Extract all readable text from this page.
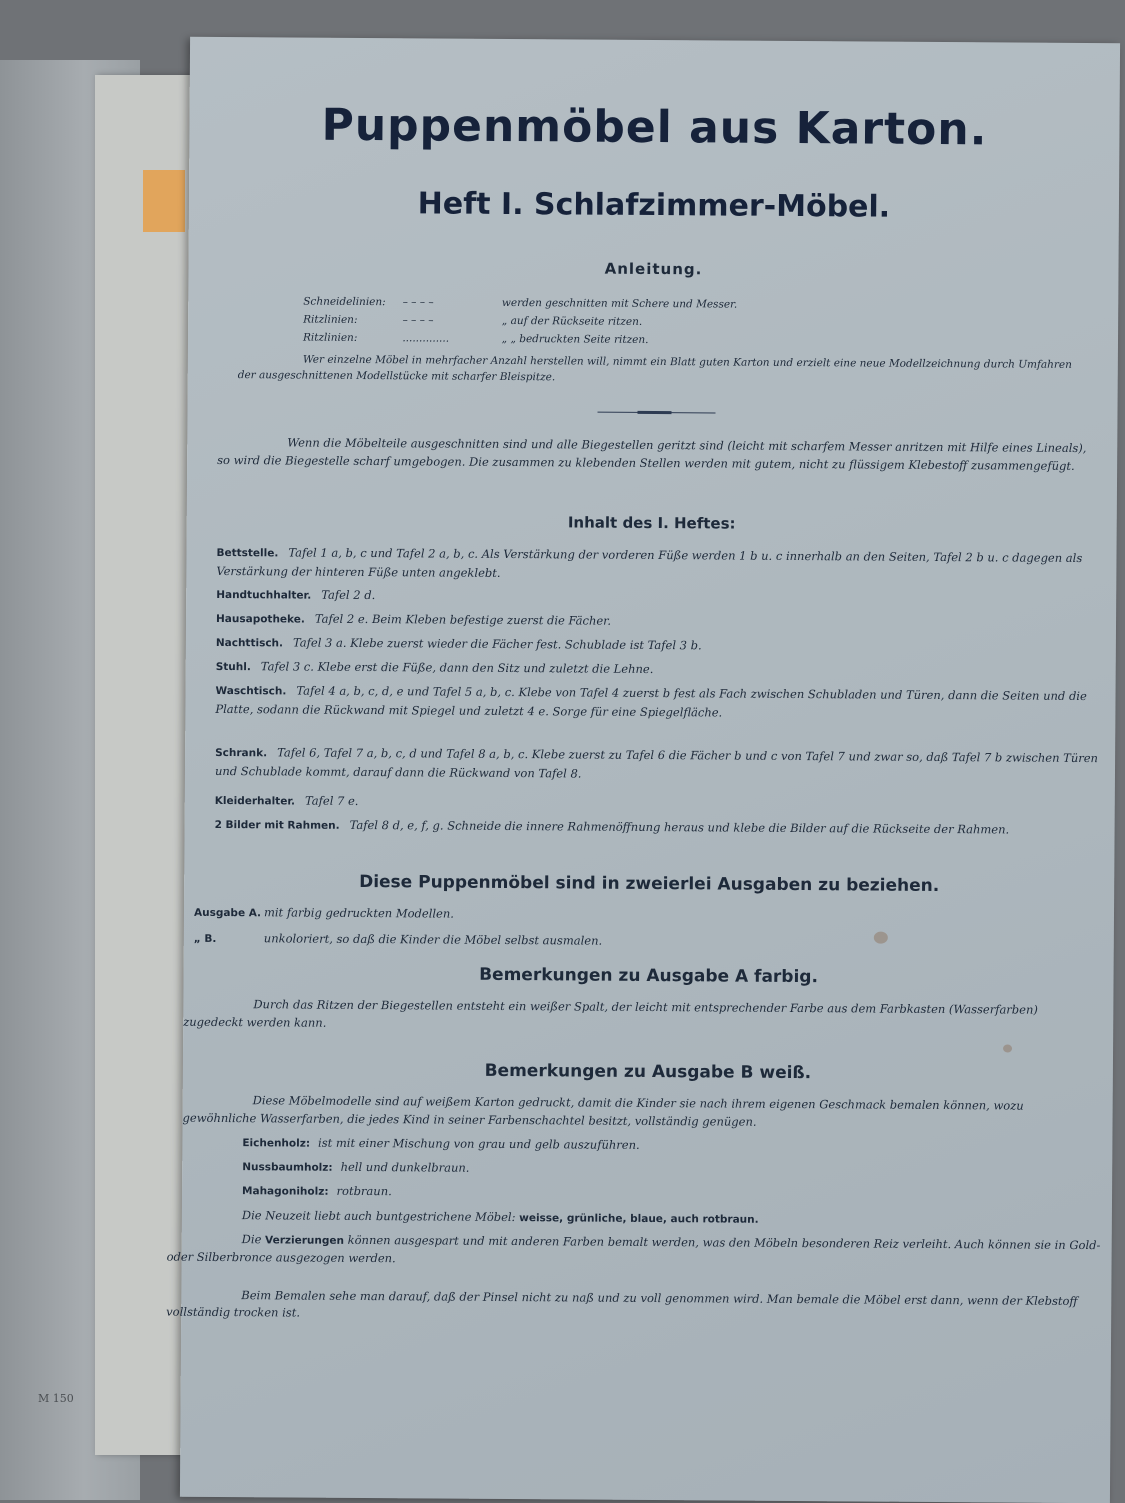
M 150
Puppenmöbel aus Karton.
Heft I. Schlafzimmer-Möbel.
Anleitung.
Schneidelinien: – – – –	werden geschnitten mit Schere und Messer.
Ritzlinien:	– – – –	„ auf der Rückseite ritzen.
Ritzlinien:	..............	„ „ bedruckten Seite ritzen.
Wer einzelne Möbel in mehrfacher Anzahl herstellen will, nimmt ein Blatt guten Karton und erzielt eine neue Modellzeichnung durch Umfahren der ausgeschnittenen Modellstücke mit scharfer Bleispitze.
Wenn die Möbelteile ausgeschnitten sind und alle Biegestellen geritzt sind (leicht mit scharfem Messer anritzen mit Hilfe eines Lineals), so wird die Biegestelle scharf umgebogen. Die zusammen zu klebenden Stellen werden mit gutem, nicht zu flüssigem Klebestoff zusammengefügt.
Inhalt des I. Heftes:
Bettstelle. Tafel 1 a, b, c und Tafel 2 a, b, c. Als Verstärkung der vorderen Füße werden 1 b u. c innerhalb an den Seiten, Tafel 2 b u. c dagegen als Verstärkung der hinteren Füße unten angeklebt.
Handtuchhalter. Tafel 2 d.
Hausapotheke. Tafel 2 e. Beim Kleben befestige zuerst die Fächer.
Nachttisch. Tafel 3 a. Klebe zuerst wieder die Fächer fest. Schublade ist Tafel 3 b.
Stuhl. Tafel 3 c. Klebe erst die Füße, dann den Sitz und zuletzt die Lehne.
Waschtisch. Tafel 4 a, b, c, d, e und Tafel 5 a, b, c. Klebe von Tafel 4 zuerst b fest als Fach zwischen Schubladen und Türen, dann die Seiten und die Platte, sodann die Rückwand mit Spiegel und zuletzt 4 e. Sorge für eine Spiegelfläche.
Schrank. Tafel 6, Tafel 7 a, b, c, d und Tafel 8 a, b, c. Klebe zuerst zu Tafel 6 die Fächer b und c von Tafel 7 und zwar so, daß Tafel 7 b zwischen Türen und Schublade kommt, darauf dann die Rückwand von Tafel 8.
Kleiderhalter. Tafel 7 e.
2 Bilder mit Rahmen. Tafel 8 d, e, f, g. Schneide die innere Rahmenöffnung heraus und klebe die Bilder auf die Rückseite der Rahmen.
Diese Puppenmöbel sind in zweierlei Ausgaben zu beziehen.
Ausgabe A. mit farbig gedruckten Modellen.
„ B.	unkoloriert, so daß die Kinder die Möbel selbst ausmalen.
Bemerkungen zu Ausgabe A farbig.
Durch das Ritzen der Biegestellen entsteht ein weißer Spalt, der leicht mit entsprechender Farbe aus dem Farbkasten (Wasserfarben) zugedeckt werden kann.
Bemerkungen zu Ausgabe B weiß.
Diese Möbelmodelle sind auf weißem Karton gedruckt, damit die Kinder sie nach ihrem eigenen Geschmack bemalen können, wozu gewöhnliche Wasserfarben, die jedes Kind in seiner Farbenschachtel besitzt, vollständig genügen.
Eichenholz: ist mit einer Mischung von grau und gelb auszuführen.
Nussbaumholz: hell und dunkelbraun.
Mahagoniholz: rotbraun.
Die Neuzeit liebt auch buntgestrichene Möbel: weisse, grünliche, blaue, auch rotbraun.
Die Verzierungen können ausgespart und mit anderen Farben bemalt werden, was den Möbeln besonderen Reiz verleiht. Auch können sie in Gold- oder Silberbronce ausgezogen werden.
Beim Bemalen sehe man darauf, daß der Pinsel nicht zu naß und zu voll genommen wird. Man bemale die Möbel erst dann, wenn der Klebstoff vollständig trocken ist.
